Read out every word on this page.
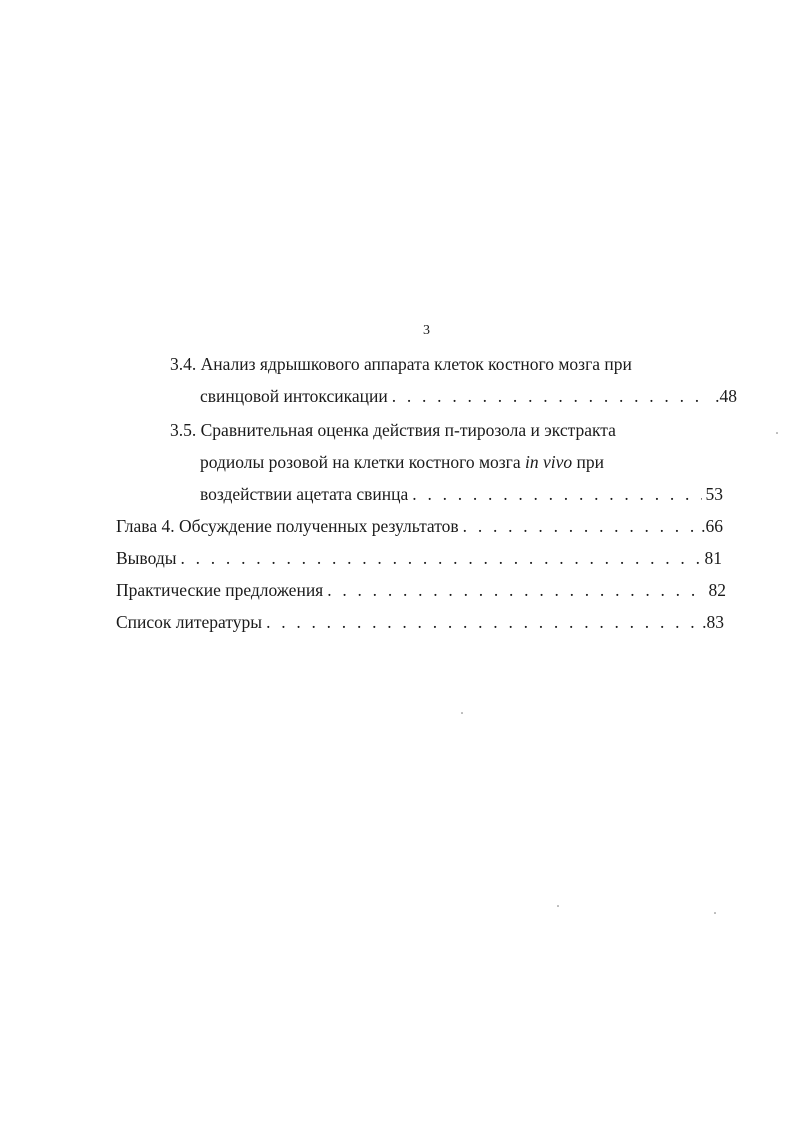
3
3.4. Анализ ядрышкового аппарата клеток костного мозга при
свинцовой интоксикации . . .	.48
3.5. Сравнительная оценка действия п-тирозола и экстракта
родиолы розовой на клетки костного мозга in vivo при
воздействии ацетата свинца . . .	53
Глава 4. Обсуждение полученных результатов . . .	.66
Выводы . . .	81
Практические предложения . . .	82
Список литературы . . .	.83
